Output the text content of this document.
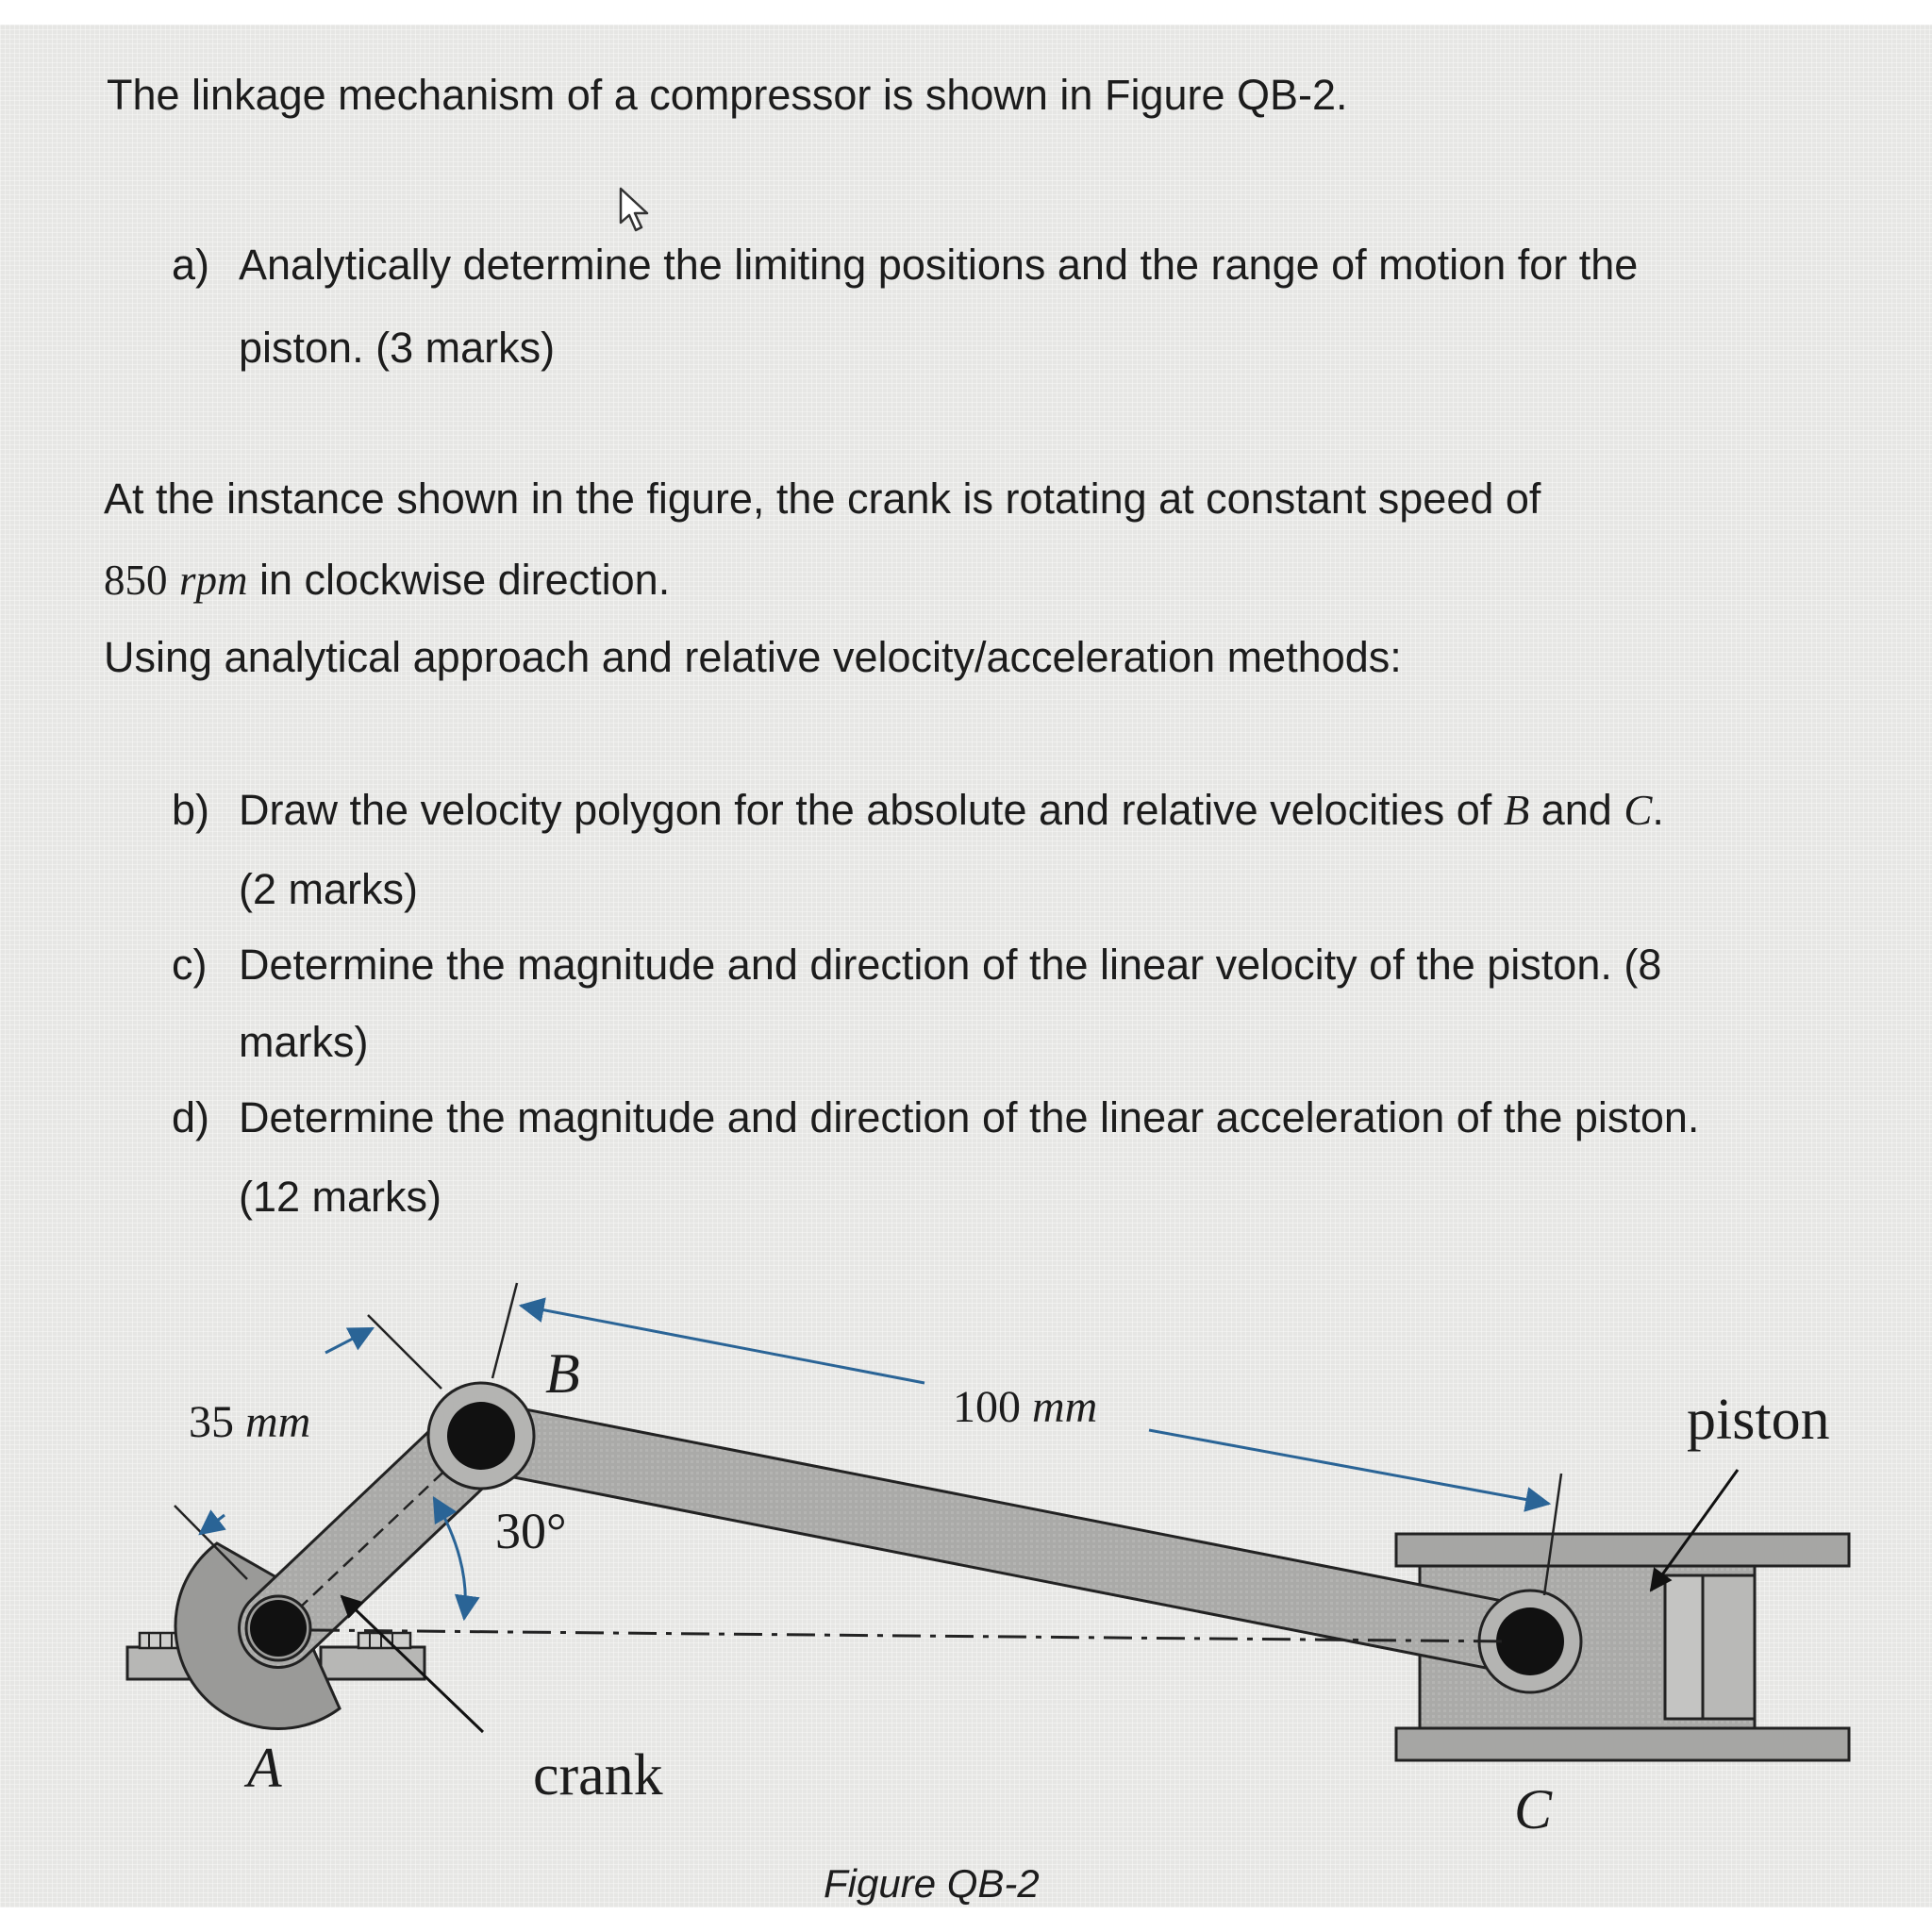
The linkage mechanism of a compressor is shown in Figure QB-2.
a) Analytically determine the limiting positions and the range of motion for the
piston. (3 marks)
At the instance shown in the figure, the crank is rotating at constant speed of
850 rpm in clockwise direction.
Using analytical approach and relative velocity/acceleration methods:
b) Draw the velocity polygon for the absolute and relative velocities of B and C.
(2 marks)
c) Determine the magnitude and direction of the linear velocity of the piston. (8
marks)
d) Determine the magnitude and direction of the linear acceleration of the piston.
(12 marks)
B
35 mm	100 mm
30°
piston
A	crank
C
Figure QB-2
